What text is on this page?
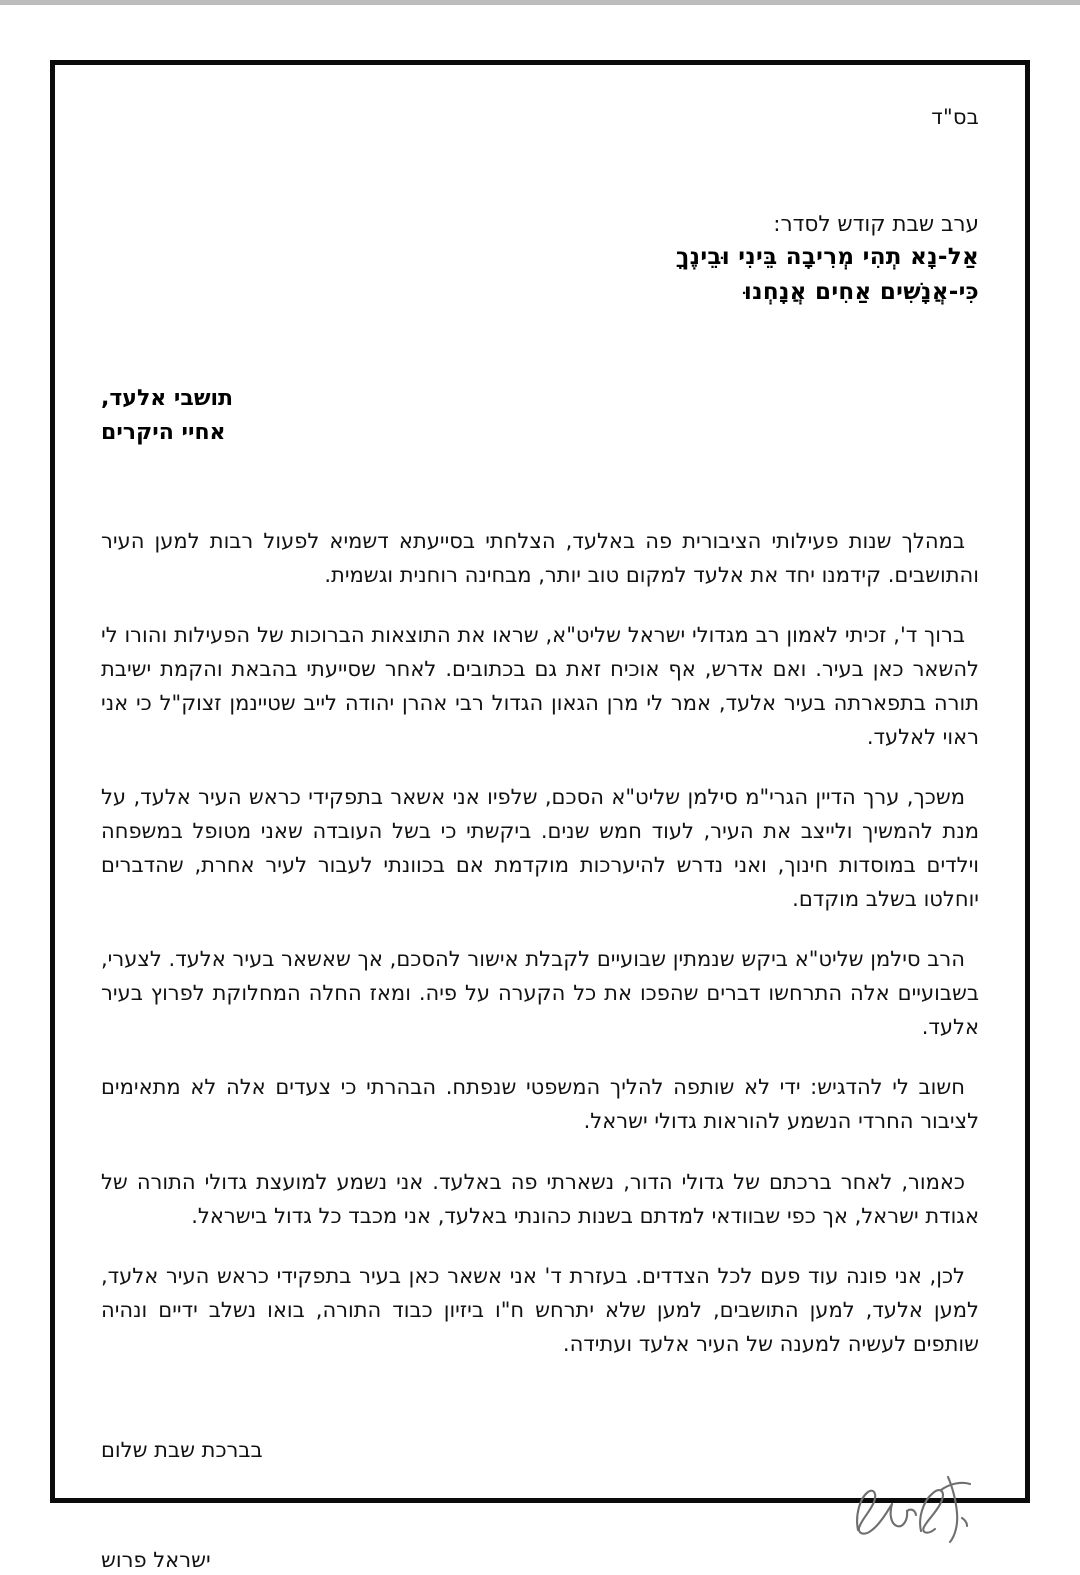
בס"ד
ערב שבת קודש לסדר:
אַל-נָא תְהִי מְרִיבָה בֵּינִי וּבֵינֶךָ
כִּי-אֲנָשִׁים אַחִים אֲנָחְנוּ
תושבי אלעד,
אחיי היקרים

במהלך שנות פעילותי הציבורית פה באלעד, הצלחתי בסייעתא דשמיא לפעול רבות למען העיר והתושבים. קידמנו יחד את אלעד למקום טוב יותר, מבחינה רוחנית וגשמית.

ברוך ד', זכיתי לאמון רב מגדולי ישראל שליט"א, שראו את התוצאות הברוכות של הפעילות והורו לי להשאר כאן בעיר. ואם אדרש, אף אוכיח זאת גם בכתובים. לאחר שסייעתי בהבאת והקמת ישיבת תורה בתפארתה בעיר אלעד, אמר לי מרן הגאון הגדול רבי אהרן יהודה לייב שטיינמן זצוק"ל כי אני ראוי לאלעד.

משכך, ערך הדיין הגרי"מ סילמן שליט"א הסכם, שלפיו אני אשאר בתפקידי כראש העיר אלעד, על מנת להמשיך ולייצב את העיר, לעוד חמש שנים. ביקשתי כי בשל העובדה שאני מטופל במשפחה וילדים במוסדות חינוך, ואני נדרש להיערכות מוקדמת אם בכוונתי לעבור לעיר אחרת, שהדברים יוחלטו בשלב מוקדם.

הרב סילמן שליט"א ביקש שנמתין שבועיים לקבלת אישור להסכם, אך שאשאר בעיר אלעד. לצערי, בשבועיים אלה התרחשו דברים שהפכו את כל הקערה על פיה. ומאז החלה המחלוקת לפרוץ בעיר אלעד.

חשוב לי להדגיש: ידי לא שותפה להליך המשפטי שנפתח. הבהרתי כי צעדים אלה לא מתאימים לציבור החרדי הנשמע להוראות גדולי ישראל.

כאמור, לאחר ברכתם של גדולי הדור, נשארתי פה באלעד. אני נשמע למועצת גדולי התורה של אגודת ישראל, אך כפי שבוודאי למדתם בשנות כהונתי באלעד, אני מכבד כל גדול בישראל.

לכן, אני פונה עוד פעם לכל הצדדים. בעזרת ד' אני אשאר כאן בעיר בתפקידי כראש העיר אלעד, למען אלעד, למען התושבים, למען שלא יתרחש ח"ו ביזיון כבוד התורה, בואו נשלב ידיים ונהיה שותפים לעשיה למענה של העיר אלעד ועתידה.

בברכת שבת שלום
ישראל פרוש
